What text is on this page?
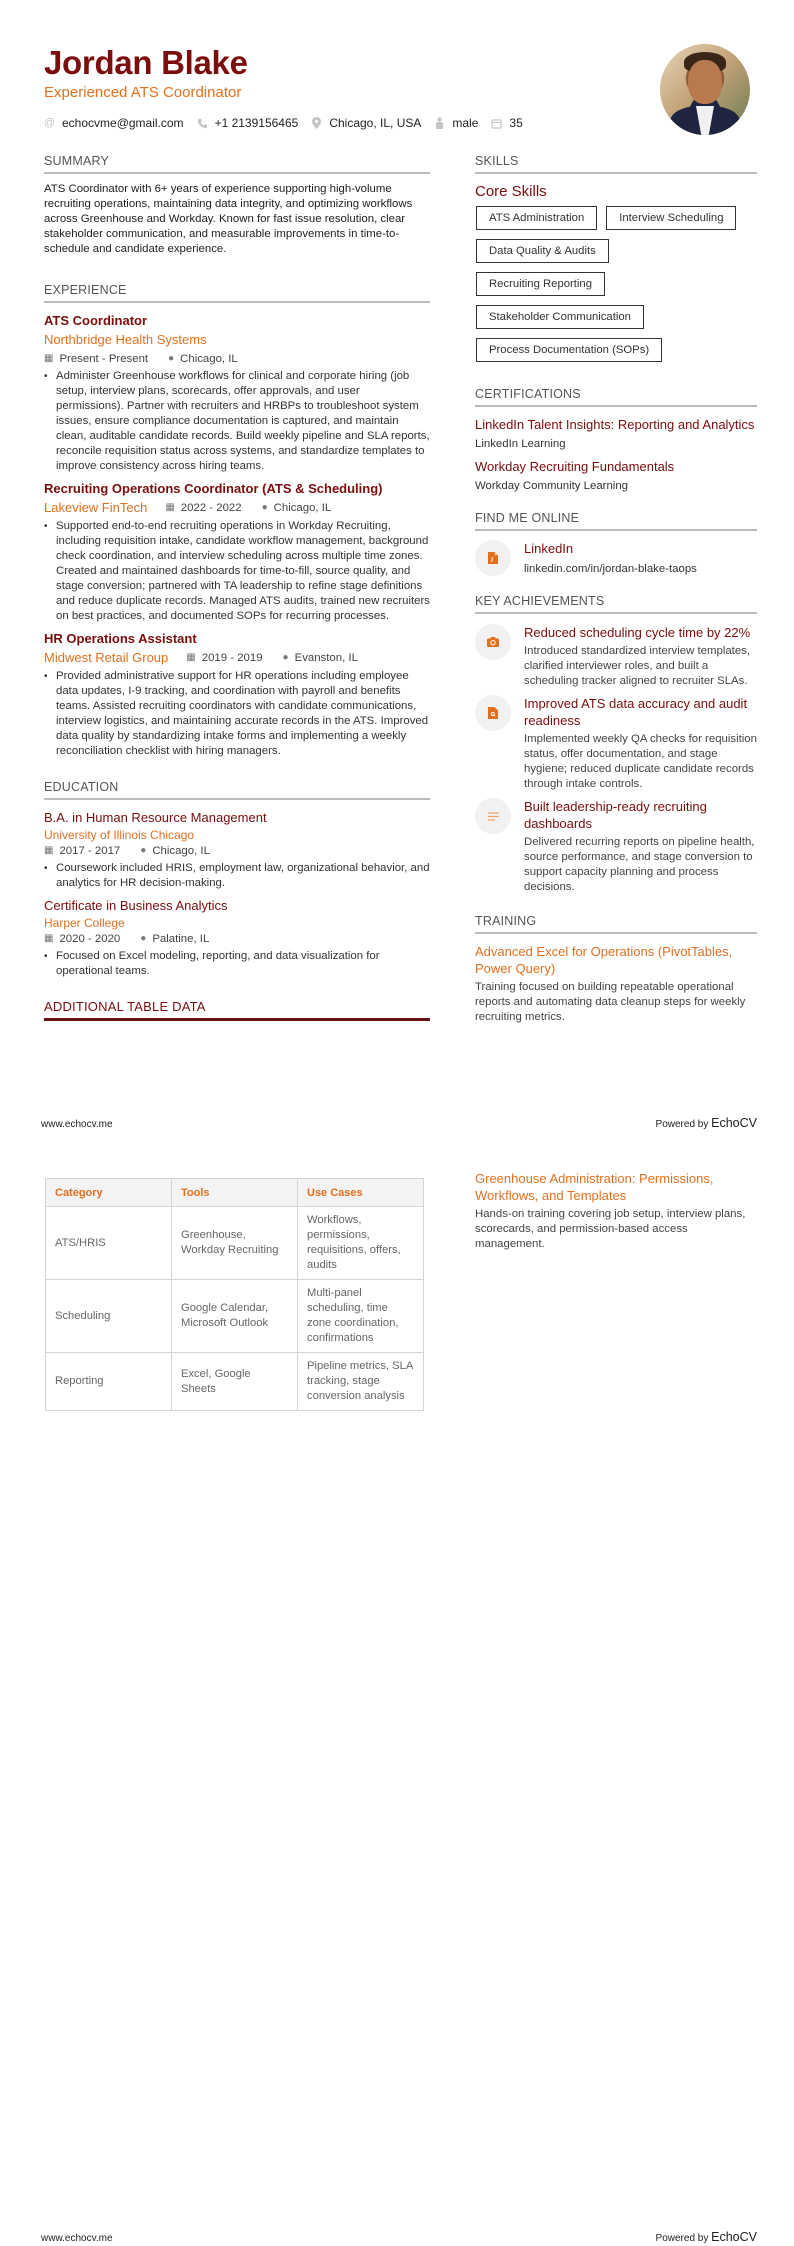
Jordan Blake
Experienced ATS Coordinator
@ echocvme@gmail.com	+1 2139156465	Chicago, IL, USA	male	35
SUMMARY
ATS Coordinator with 6+ years of experience supporting high-volume recruiting operations, maintaining data integrity, and optimizing workflows across Greenhouse and Workday. Known for fast issue resolution, clear stakeholder communication, and measurable improvements in time-to-schedule and candidate experience.
EXPERIENCE
ATS Coordinator
Northbridge Health Systems
▦ Present - Present ● Chicago, IL
• Administer Greenhouse workflows for clinical and corporate hiring (job setup, interview plans, scorecards, offer approvals, and user permissions). Partner with recruiters and HRBPs to troubleshoot system issues, ensure compliance documentation is captured, and maintain clean, auditable candidate records. Build weekly pipeline and SLA reports, reconcile requisition status across systems, and standardize templates to improve consistency across hiring teams.
Recruiting Operations Coordinator (ATS & Scheduling)
Lakeview FinTech ▦ 2022 - 2022 ● Chicago, IL
• Supported end-to-end recruiting operations in Workday Recruiting, including requisition intake, candidate workflow management, background check coordination, and interview scheduling across multiple time zones. Created and maintained dashboards for time-to-fill, source quality, and stage conversion; partnered with TA leadership to refine stage definitions and reduce duplicate records. Managed ATS audits, trained new recruiters on best practices, and documented SOPs for recurring processes.
HR Operations Assistant
Midwest Retail Group ▦ 2019 - 2019 ● Evanston, IL
• Provided administrative support for HR operations including employee data updates, I-9 tracking, and coordination with payroll and benefits teams. Assisted recruiting coordinators with candidate communications, interview logistics, and maintaining accurate records in the ATS. Improved data quality by standardizing intake forms and implementing a weekly reconciliation checklist with hiring managers.
EDUCATION
B.A. in Human Resource Management
University of Illinois Chicago
▦ 2017 - 2017 ● Chicago, IL
• Coursework included HRIS, employment law, organizational behavior, and analytics for HR decision-making.
Certificate in Business Analytics
Harper College
▦ 2020 - 2020 ● Palatine, IL
• Focused on Excel modeling, reporting, and data visualization for operational teams.
ADDITIONAL TABLE DATA
SKILLS
Core Skills
ATS Administration	Interview Scheduling
Data Quality & Audits
Recruiting Reporting
Stakeholder Communication
Process Documentation (SOPs)
CERTIFICATIONS
LinkedIn Talent Insights: Reporting and Analytics
LinkedIn Learning
Workday Recruiting Fundamentals
Workday Community Learning
FIND ME ONLINE
LinkedIn
linkedin.com/in/jordan-blake-taops
KEY ACHIEVEMENTS
Reduced scheduling cycle time by 22%
Introduced standardized interview templates, clarified interviewer roles, and built a scheduling tracker aligned to recruiter SLAs.
Improved ATS data accuracy and audit readiness
Implemented weekly QA checks for requisition status, offer documentation, and stage hygiene; reduced duplicate candidate records through intake controls.
Built leadership-ready recruiting dashboards
Delivered recurring reports on pipeline health, source performance, and stage conversion to support capacity planning and process decisions.
TRAINING
Advanced Excel for Operations (PivotTables, Power Query)
Training focused on building repeatable operational reports and automating data cleanup steps for weekly recruiting metrics.
www.echocv.me	Powered by EchoCV
Category	Tools	Use Cases
ATS/HRIS	Greenhouse, Workday Recruiting	Workflows, permissions, requisitions, offers, audits
Scheduling	Google Calendar, Microsoft Outlook	Multi-panel scheduling, time zone coordination, confirmations
Reporting	Excel, Google Sheets	Pipeline metrics, SLA tracking, stage conversion analysis
Greenhouse Administration: Permissions, Workflows, and Templates
Hands-on training covering job setup, interview plans, scorecards, and permission-based access management.
www.echocv.me	Powered by EchoCV
